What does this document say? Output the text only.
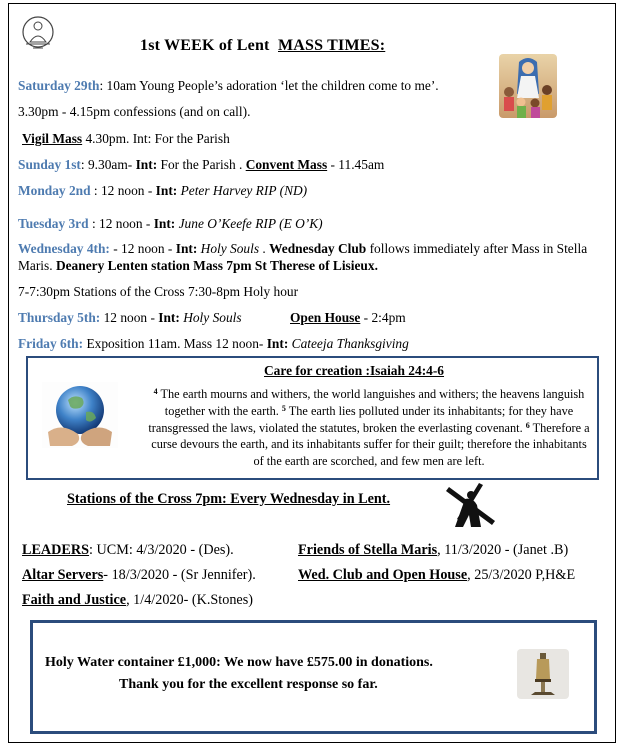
1st WEEK of Lent MASS TIMES:
Saturday 29th: 10am Young People’s adoration ‘let the children come to me’.
3.30pm - 4.15pm confessions (and on call).
Vigil Mass 4.30pm. Int: For the Parish
Sunday 1st: 9.30am- Int: For the Parish . Convent Mass - 11.45am
Monday 2nd : 12 noon - Int: Peter Harvey RIP (ND)
Tuesday 3rd : 12 noon - Int: June O’Keefe RIP (E O’K)
Wednesday 4th: - 12 noon - Int: Holy Souls . Wednesday Club follows immediately after Mass in Stella Maris. Deanery Lenten station Mass 7pm St Therese of Lisieux.
7-7:30pm Stations of the Cross 7:30-8pm Holy hour
Thursday 5th: 12 noon - Int: Holy Souls	Open House - 2:4pm
Friday 6th: Exposition 11am. Mass 12 noon- Int: Cateeja Thanksgiving
Care for creation :Isaiah 24:4-6
$^4$ The earth mourns and withers, the world languishes and withers; the heavens languish together with the earth. $^5$ The earth lies polluted under its inhabitants; for they have transgressed the laws, violated the statutes, broken the everlasting covenant. $^6$ Therefore a curse devours the earth, and its inhabitants suffer for their guilt; therefore the inhabitants of the earth are scorched, and few men are left.
Stations of the Cross 7pm: Every Wednesday in Lent.
LEADERS: UCM: 4/3/2020 - (Des).	Friends of Stella Maris, 11/3/2020 - (Janet .B)
Altar Servers- 18/3/2020 - (Sr Jennifer).	Wed. Club and Open House, 25/3/2020 P,H&E
Faith and Justice, 1/4/2020- (K.Stones)
Holy Water container £1,000: We now have £575.00 in donations.
Thank you for the excellent response so far.
